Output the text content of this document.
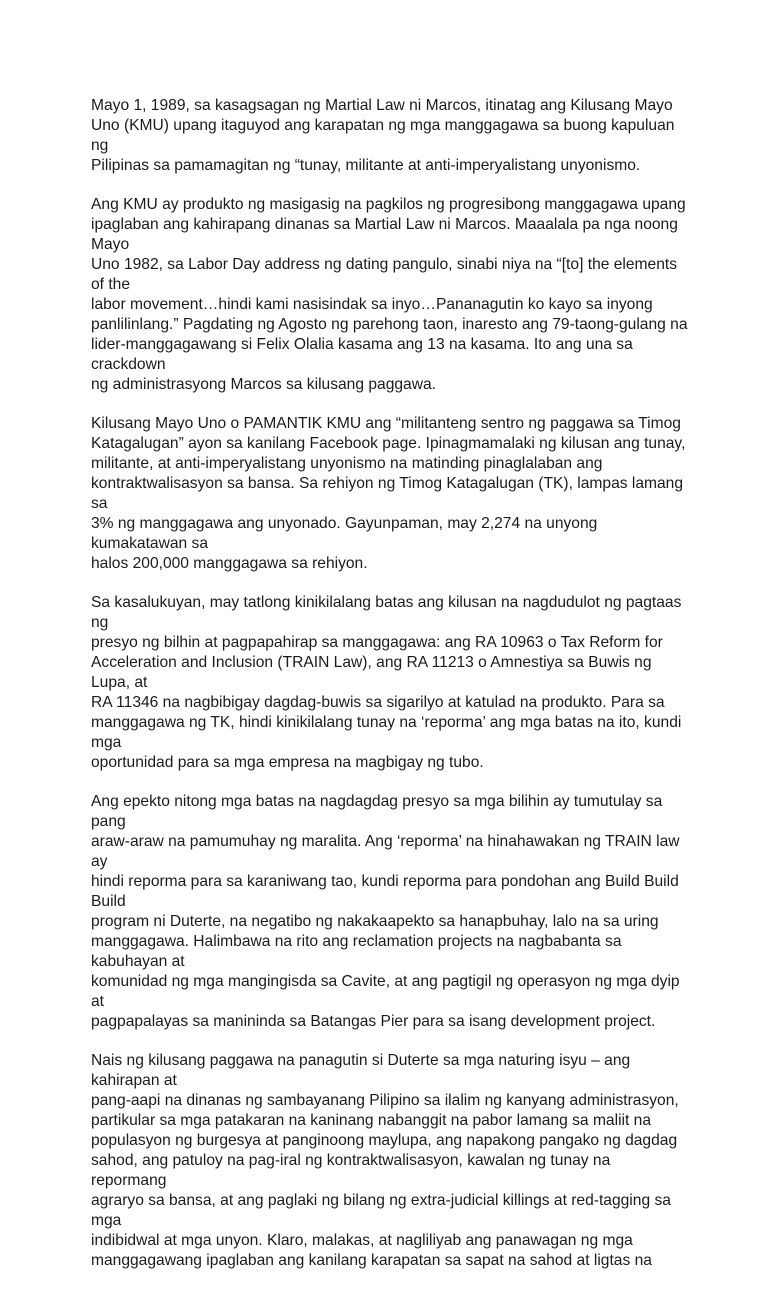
Mayo 1, 1989, sa kasagsagan ng Martial Law ni Marcos, itinatag ang Kilusang Mayo
Uno (KMU) upang itaguyod ang karapatan ng mga manggagawa sa buong kapuluan ng
Pilipinas sa pamamagitan ng “tunay, militante at anti-imperyalistang unyonismo.

Ang KMU ay produkto ng masigasig na pagkilos ng progresibong manggagawa upang
ipaglaban ang kahirapang dinanas sa Martial Law ni Marcos. Maaalala pa nga noong Mayo
Uno 1982, sa Labor Day address ng dating pangulo, sinabi niya na “[to] the elements of the
labor movement…hindi kami nasisindak sa inyo…Pananagutin ko kayo sa inyong
panlilinlang.” Pagdating ng Agosto ng parehong taon, inaresto ang 79-taong-gulang na
lider-manggagawang si Felix Olalia kasama ang 13 na kasama. Ito ang una sa crackdown
ng administrasyong Marcos sa kilusang paggawa.

Kilusang Mayo Uno o PAMANTIK KMU ang “militanteng sentro ng paggawa sa Timog
Katagalugan” ayon sa kanilang Facebook page. Ipinagmamalaki ng kilusan ang tunay,
militante, at anti-imperyalistang unyonismo na matinding pinaglalaban ang
kontraktwalisasyon sa bansa. Sa rehiyon ng Timog Katagalugan (TK), lampas lamang sa
3% ng manggagawa ang unyonado. Gayunpaman, may 2,274 na unyong kumakatawan sa
halos 200,000 manggagawa sa rehiyon.

Sa kasalukuyan, may tatlong kinikilalang batas ang kilusan na nagdudulot ng pagtaas ng
presyo ng bilhin at pagpapahirap sa manggagawa: ang RA 10963 o Tax Reform for
Acceleration and Inclusion (TRAIN Law), ang RA 11213 o Amnestiya sa Buwis ng Lupa, at
RA 11346 na nagbibigay dagdag-buwis sa sigarilyo at katulad na produkto. Para sa
manggagawa ng TK, hindi kinikilalang tunay na ‘reporma’ ang mga batas na ito, kundi mga
oportunidad para sa mga empresa na magbigay ng tubo.

Ang epekto nitong mga batas na nagdagdag presyo sa mga bilihin ay tumutulay sa pang
araw-araw na pamumuhay ng maralita. Ang ‘reporma’ na hinahawakan ng TRAIN law ay
hindi reporma para sa karaniwang tao, kundi reporma para pondohan ang Build Build Build
program ni Duterte, na negatibo ng nakakaapekto sa hanapbuhay, lalo na sa uring
manggagawa. Halimbawa na rito ang reclamation projects na nagbabanta sa kabuhayan at
komunidad ng mga mangingisda sa Cavite, at ang pagtigil ng operasyon ng mga dyip at
pagpapalayas sa manininda sa Batangas Pier para sa isang development project.

Nais ng kilusang paggawa na panagutin si Duterte sa mga naturing isyu – ang kahirapan at
pang-aapi na dinanas ng sambayanang Pilipino sa ilalim ng kanyang administrasyon,
partikular sa mga patakaran na kaninang nabanggit na pabor lamang sa maliit na
populasyon ng burgesya at panginoong maylupa, ang napakong pangako ng dagdag
sahod, ang patuloy na pag-iral ng kontraktwalisasyon, kawalan ng tunay na repormang
agraryo sa bansa, at ang paglaki ng bilang ng extra-judicial killings at red-tagging sa mga
indibidwal at mga unyon. Klaro, malakas, at nagliliyab ang panawagan ng mga
manggagawang ipaglaban ang kanilang karapatan sa sapat na sahod at ligtas na
